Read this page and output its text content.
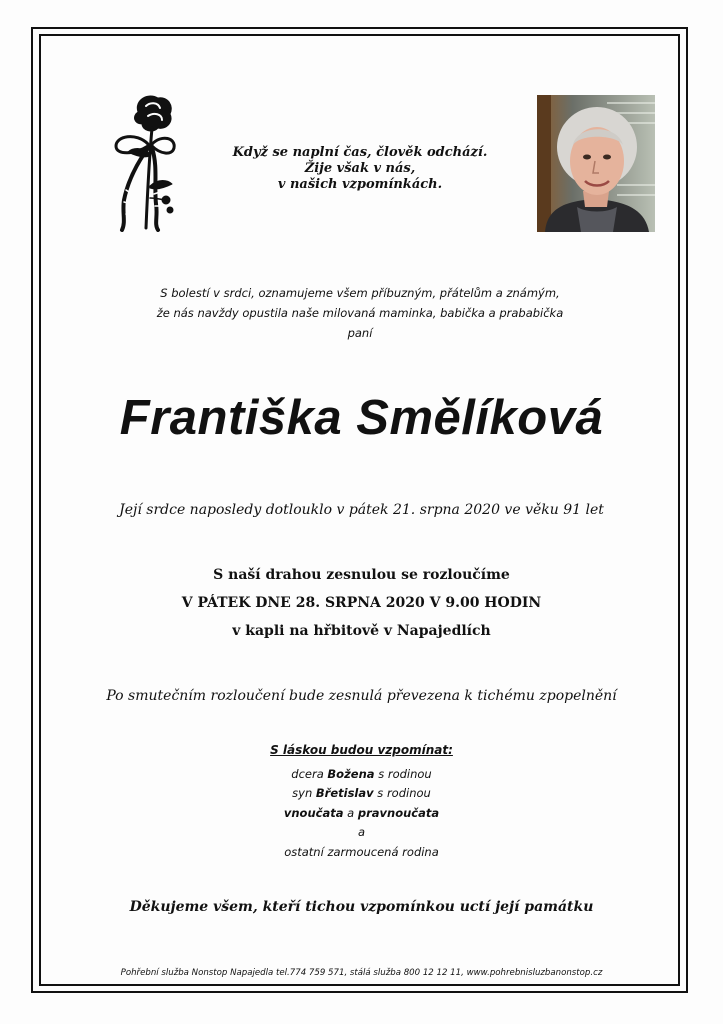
Když se naplní čas, člověk odchází.
Žije však v nás,
v našich vzpomínkách.
S bolestí v srdci, oznamujeme všem příbuzným, přátelům a známým,
že nás navždy opustila naše milovaná maminka, babička a prababička
paní
Františka Smělíková
Její srdce naposledy dotlouklo v pátek 21. srpna 2020 ve věku 91 let
S naší drahou zesnulou se rozloučíme
V PÁTEK DNE 28. SRPNA 2020 V 9.00 HODIN
v kapli na hřbitově v Napajedlích
Po smutečním rozloučení bude zesnulá převezena k tichému zpopelnění
S láskou budou vzpomínat:
dcera Božena s rodinou
syn Břetislav s rodinou
vnoučata a pravnoučata
a
ostatní zarmoucená rodina
Děkujeme všem, kteří tichou vzpomínkou uctí její památku
Pohřební služba Nonstop Napajedla tel.774 759 571, stálá služba 800 12 12 11, www.pohrebnisluzbanonstop.cz
